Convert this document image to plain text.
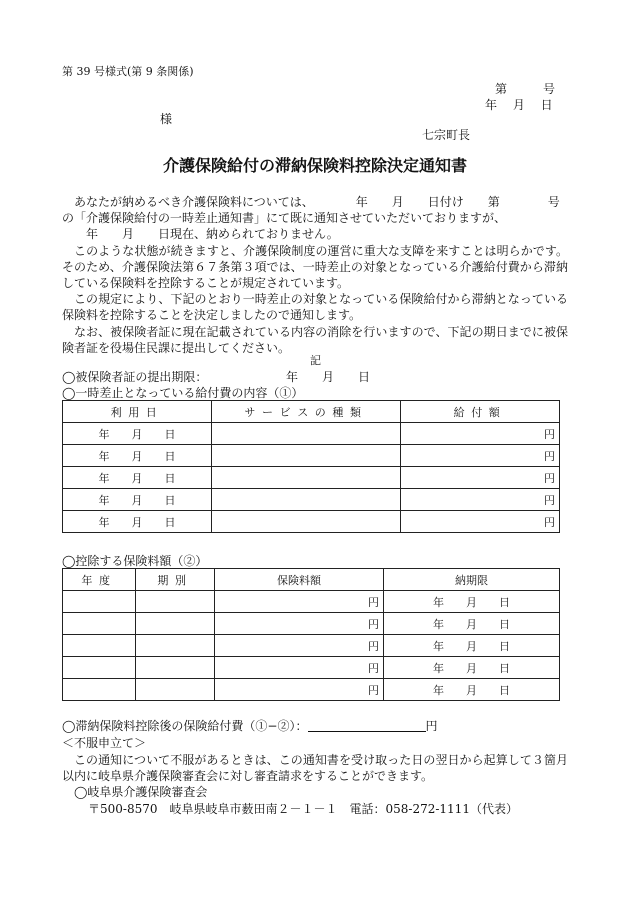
第 39 号様式(第 9 条関係)
第　　　号
年　 月　 日
様
七宗町長
介護保険給付の滞納保険料控除決定通知書

あなたが納めるべき介護保険料については、　　　　年　　月　　日付け　　第　　　　号

の「介護保険給付の一時差止通知書」にて既に通知させていただいておりますが、

　　年　　月　　日現在、納められておりません。

このような状態が続きますと、介護保険制度の運営に重大な支障を来すことは明らかです。そのため、介護保険法第６７条第３項では、一時差止の対象となっている介護給付費から滞納している保険料を控除することが規定されています。

この規定により、下記のとおり一時差止の対象となっている保険給付から滞納となっている保険料を控除することを決定しましたので通知します。

なお、被保険者証に現在記載されている内容の消除を行いますので、下記の期日までに被保険者証を役場住民課に提出してください。

記
◯被保険者証の提出期限：	年　　月　　日
◯一時差止となっている給付費の内容（①）
利用日	サービスの種類	給付額
年　　月　　日		円
年　　月　　日		円
年　　月　　日		円
年　　月　　日		円
年　　月　　日		円
◯控除する保険料額（②）
年度	期別	保険料額	納期限
		円	年　　月　　日
		円	年　　月　　日
		円	年　　月　　日
		円	年　　月　　日
		円	年　　月　　日
◯滞納保険料控除後の保険給付費（①−②）：	円
＜不服申立て＞

この通知について不服があるときは、この通知書を受け取った日の翌日から起算して３箇月以内に岐阜県介護保険審査会に対し審査請求をすることができます。

◯岐阜県介護保険審査会
〒500-8570　岐阜県岐阜市薮田南２－１－１　電話：058-272-1111（代表）
